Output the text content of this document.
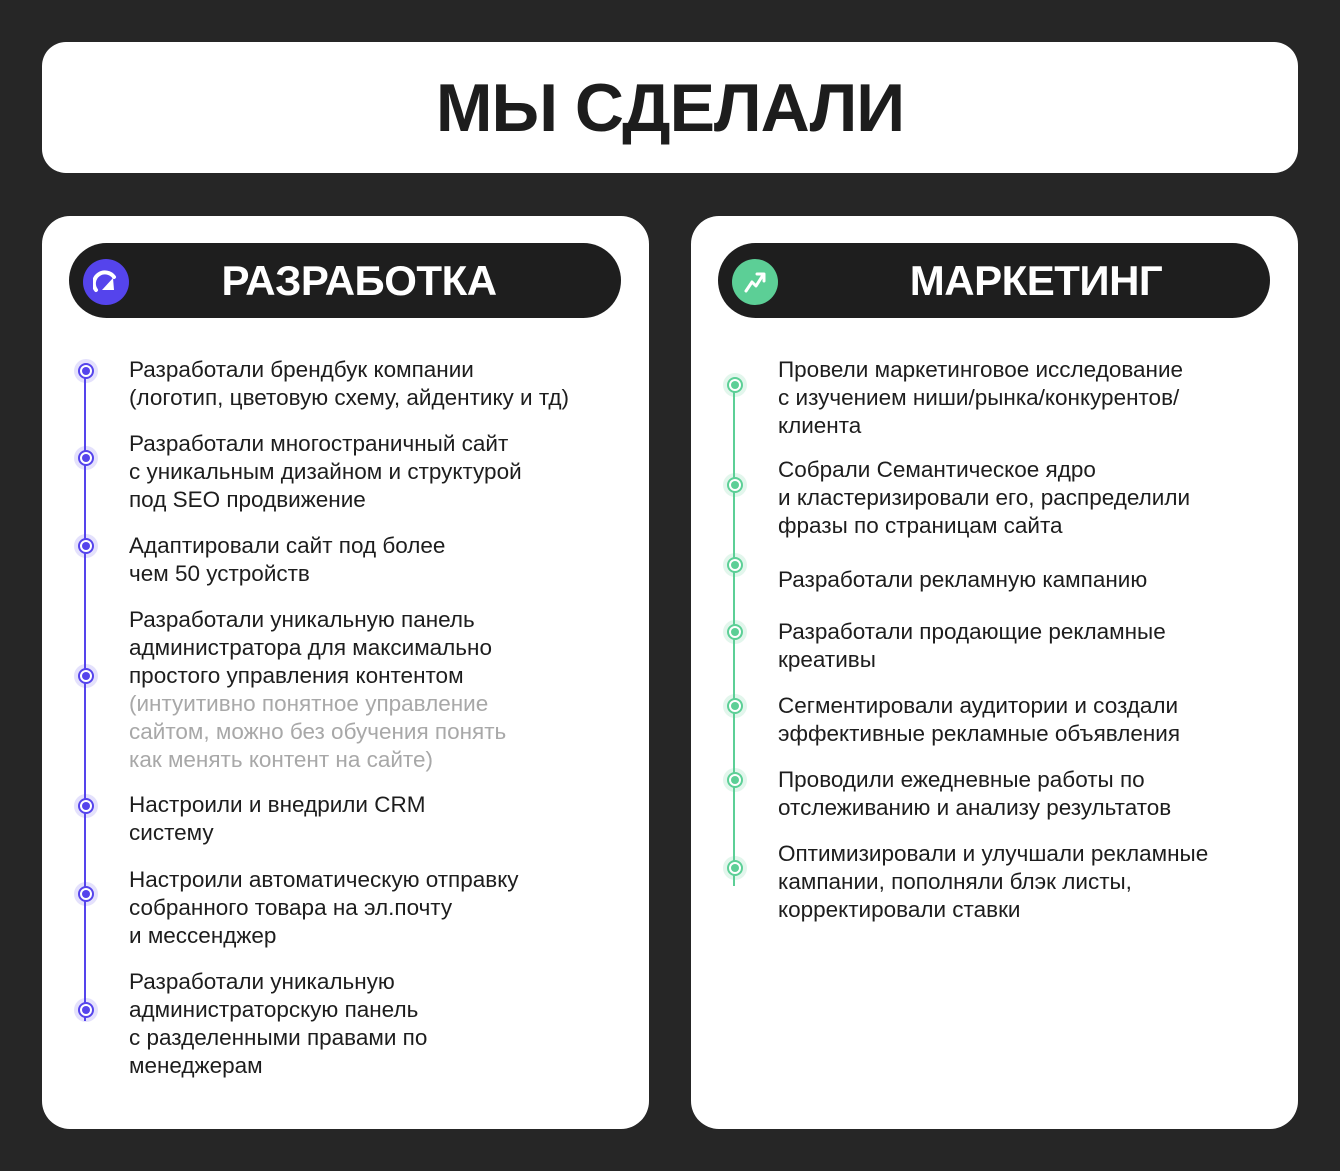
МЫ СДЕЛАЛИ
РАЗРАБОТКА
Разработали брендбук компании
(логотип, цветовую схему, айдентику и тд)
Разработали многостраничный сайт
с уникальным дизайном и структурой
под SEO продвижение
Адаптировали сайт под более
чем 50 устройств
Разработали уникальную панель
администратора для максимально
простого управления контентом
(интуитивно понятное управление
сайтом, можно без обучения понять
как менять контент на сайте)
Настроили и внедрили CRM
систему
Настроили автоматическую отправку
собранного товара на эл.почту
и мессенджер
Разработали уникальную
администраторскую панель
с разделенными правами по
менеджерам
МАРКЕТИНГ
Провели маркетинговое исследование
с изучением ниши/рынка/конкурентов/
клиента
Собрали Семантическое ядро
и кластеризировали его, распределили
фразы по страницам сайта
Разработали рекламную кампанию
Разработали продающие рекламные
креативы
Сегментировали аудитории и создали
эффективные рекламные объявления
Проводили ежедневные работы по
отслеживанию и анализу результатов
Оптимизировали и улучшали рекламные
кампании, пополняли блэк листы,
корректировали ставки
